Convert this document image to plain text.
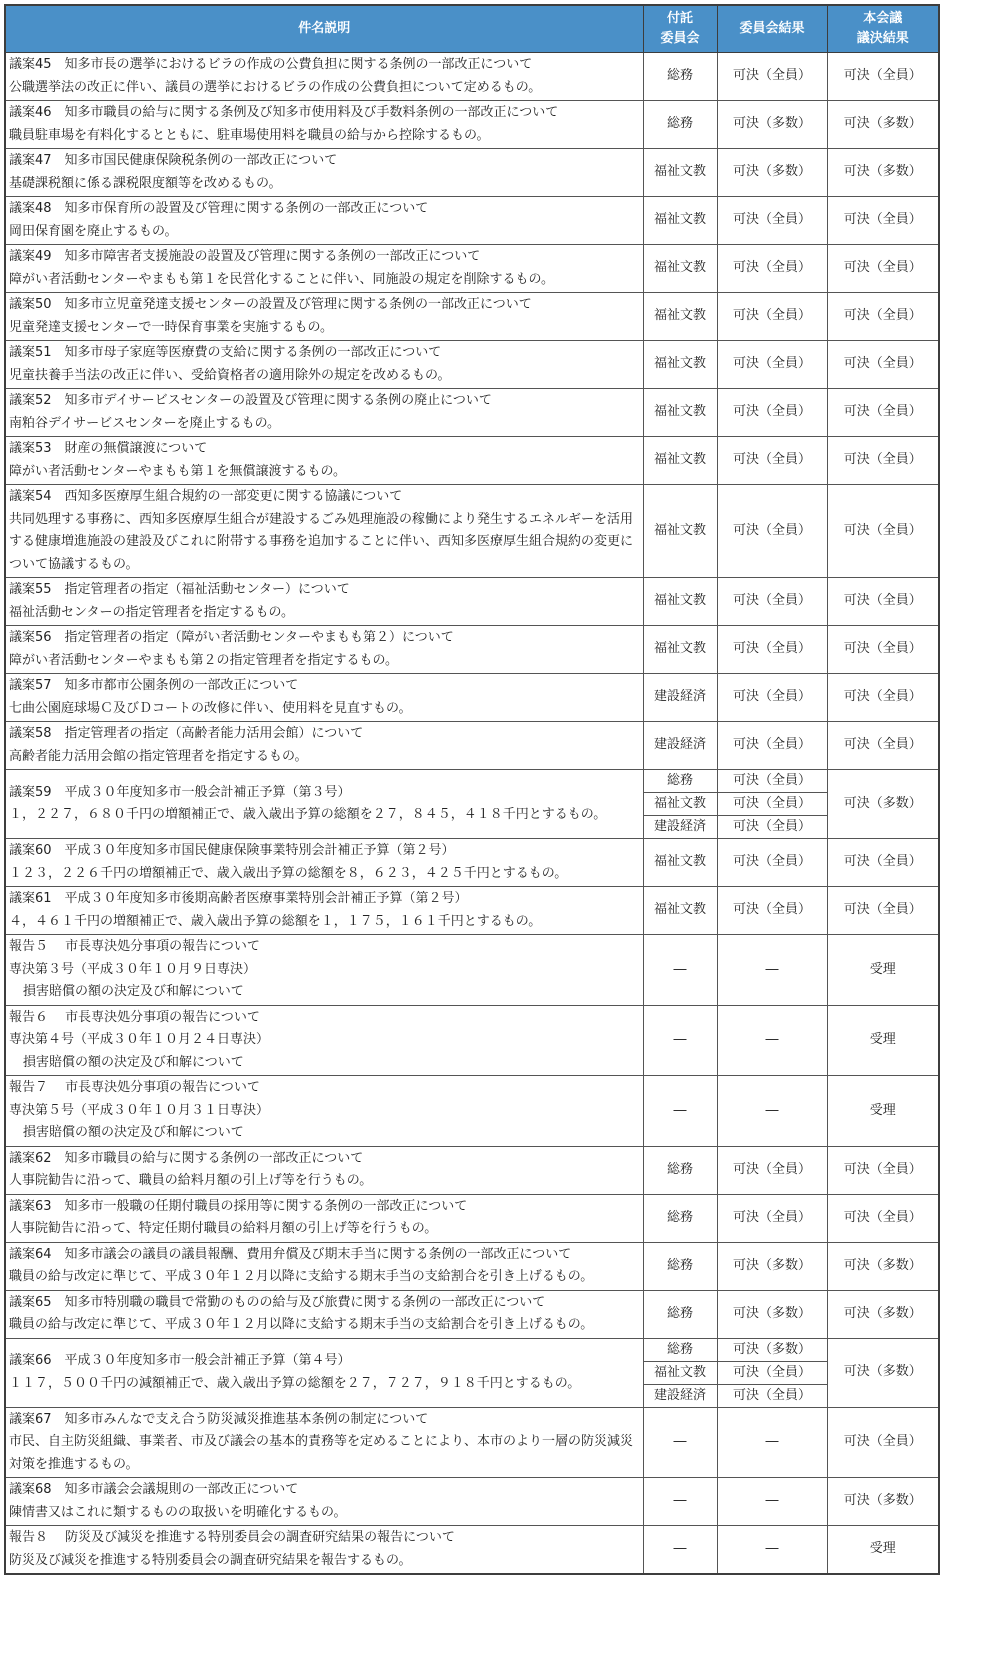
件名説明	付託
委員会	委員会結果	本会議
議決結果

議案45　知多市長の選挙におけるビラの作成の公費負担に関する条例の一部改正について
公職選挙法の改正に伴い、議員の選挙におけるビラの作成の公費負担について定めるもの。	総務	可決（全員）	可決（全員）

議案46　知多市職員の給与に関する条例及び知多市使用料及び手数料条例の一部改正について
職員駐車場を有料化するとともに、駐車場使用料を職員の給与から控除するもの。	総務	可決（多数）	可決（多数）

議案47　知多市国民健康保険税条例の一部改正について
基礎課税額に係る課税限度額等を改めるもの。	福祉文教	可決（多数）	可決（多数）

議案48　知多市保育所の設置及び管理に関する条例の一部改正について
岡田保育園を廃止するもの。	福祉文教	可決（全員）	可決（全員）

議案49　知多市障害者支援施設の設置及び管理に関する条例の一部改正について
障がい者活動センターやまもも第１を民営化することに伴い、同施設の規定を削除するもの。	福祉文教	可決（全員）	可決（全員）

議案50　知多市立児童発達支援センターの設置及び管理に関する条例の一部改正について
児童発達支援センターで一時保育事業を実施するもの。	福祉文教	可決（全員）	可決（全員）

議案51　知多市母子家庭等医療費の支給に関する条例の一部改正について
児童扶養手当法の改正に伴い、受給資格者の適用除外の規定を改めるもの。	福祉文教	可決（全員）	可決（全員）

議案52　知多市デイサービスセンターの設置及び管理に関する条例の廃止について
南粕谷デイサービスセンターを廃止するもの。	福祉文教	可決（全員）	可決（全員）

議案53　財産の無償譲渡について
障がい者活動センターやまもも第１を無償譲渡するもの。	福祉文教	可決（全員）	可決（全員）

議案54　西知多医療厚生組合規約の一部変更に関する協議について
共同処理する事務に、西知多医療厚生組合が建設するごみ処理施設の稼働により発生するエネルギーを活用する健康増進施設の建設及びこれに附帯する事務を追加することに伴い、西知多医療厚生組合規約の変更について協議するもの。	福祉文教	可決（全員）	可決（全員）

議案55　指定管理者の指定（福祉活動センター）について
福祉活動センターの指定管理者を指定するもの。	福祉文教	可決（全員）	可決（全員）

議案56　指定管理者の指定（障がい者活動センターやまもも第２）について
障がい者活動センターやまもも第２の指定管理者を指定するもの。	福祉文教	可決（全員）	可決（全員）

議案57　知多市都市公園条例の一部改正について
七曲公園庭球場Ｃ及びＤコートの改修に伴い、使用料を見直すもの。	建設経済	可決（全員）	可決（全員）

議案58　指定管理者の指定（高齢者能力活用会館）について
高齢者能力活用会館の指定管理者を指定するもの。	建設経済	可決（全員）	可決（全員）

議案59　平成３０年度知多市一般会計補正予算（第３号）
１，２２７，６８０千円の増額補正で、歳入歳出予算の総額を２７，８４５，４１８千円とするもの。	総務	可決（全員）	可決（多数）
	福祉文教	可決（全員）	
	建設経済	可決（全員）	

議案60　平成３０年度知多市国民健康保険事業特別会計補正予算（第２号）
１２３，２２６千円の増額補正で、歳入歳出予算の総額を８，６２３，４２５千円とするもの。	福祉文教	可決（全員）	可決（全員）

議案61　平成３０年度知多市後期高齢者医療事業特別会計補正予算（第２号）
４，４６１千円の増額補正で、歳入歳出予算の総額を１，１７５，１６１千円とするもの。	福祉文教	可決（全員）	可決（全員）

報告５　 市長専決処分事項の報告について
専決第３号（平成３０年１０月９日専決）
損害賠償の額の決定及び和解について	―	―	受理

報告６　 市長専決処分事項の報告について
専決第４号（平成３０年１０月２４日専決）
損害賠償の額の決定及び和解について	―	―	受理

報告７　 市長専決処分事項の報告について
専決第５号（平成３０年１０月３１日専決）
損害賠償の額の決定及び和解について	―	―	受理

議案62　知多市職員の給与に関する条例の一部改正について
人事院勧告に沿って、職員の給料月額の引上げ等を行うもの。	総務	可決（全員）	可決（全員）

議案63　知多市一般職の任期付職員の採用等に関する条例の一部改正について
人事院勧告に沿って、特定任期付職員の給料月額の引上げ等を行うもの。	総務	可決（全員）	可決（全員）

議案64　知多市議会の議員の議員報酬、費用弁償及び期末手当に関する条例の一部改正について
職員の給与改定に準じて、平成３０年１２月以降に支給する期末手当の支給割合を引き上げるもの。	総務	可決（多数）	可決（多数）

議案65　知多市特別職の職員で常勤のものの給与及び旅費に関する条例の一部改正について
職員の給与改定に準じて、平成３０年１２月以降に支給する期末手当の支給割合を引き上げるもの。	総務	可決（多数）	可決（多数）

議案66　平成３０年度知多市一般会計補正予算（第４号）
１１７，５００千円の減額補正で、歳入歳出予算の総額を２７，７２７，９１８千円とするもの。	総務	可決（多数）	可決（多数）
	福祉文教	可決（全員）	
	建設経済	可決（全員）	

議案67　知多市みんなで支え合う防災減災推進基本条例の制定について
市民、自主防災組織、事業者、市及び議会の基本的責務等を定めることにより、本市のより一層の防災減災対策を推進するもの。	―	―	可決（全員）

議案68　知多市議会会議規則の一部改正について
陳情書又はこれに類するものの取扱いを明確化するもの。	―	―	可決（多数）

報告８　 防災及び減災を推進する特別委員会の調査研究結果の報告について
防災及び減災を推進する特別委員会の調査研究結果を報告するもの。	―	―	受理
